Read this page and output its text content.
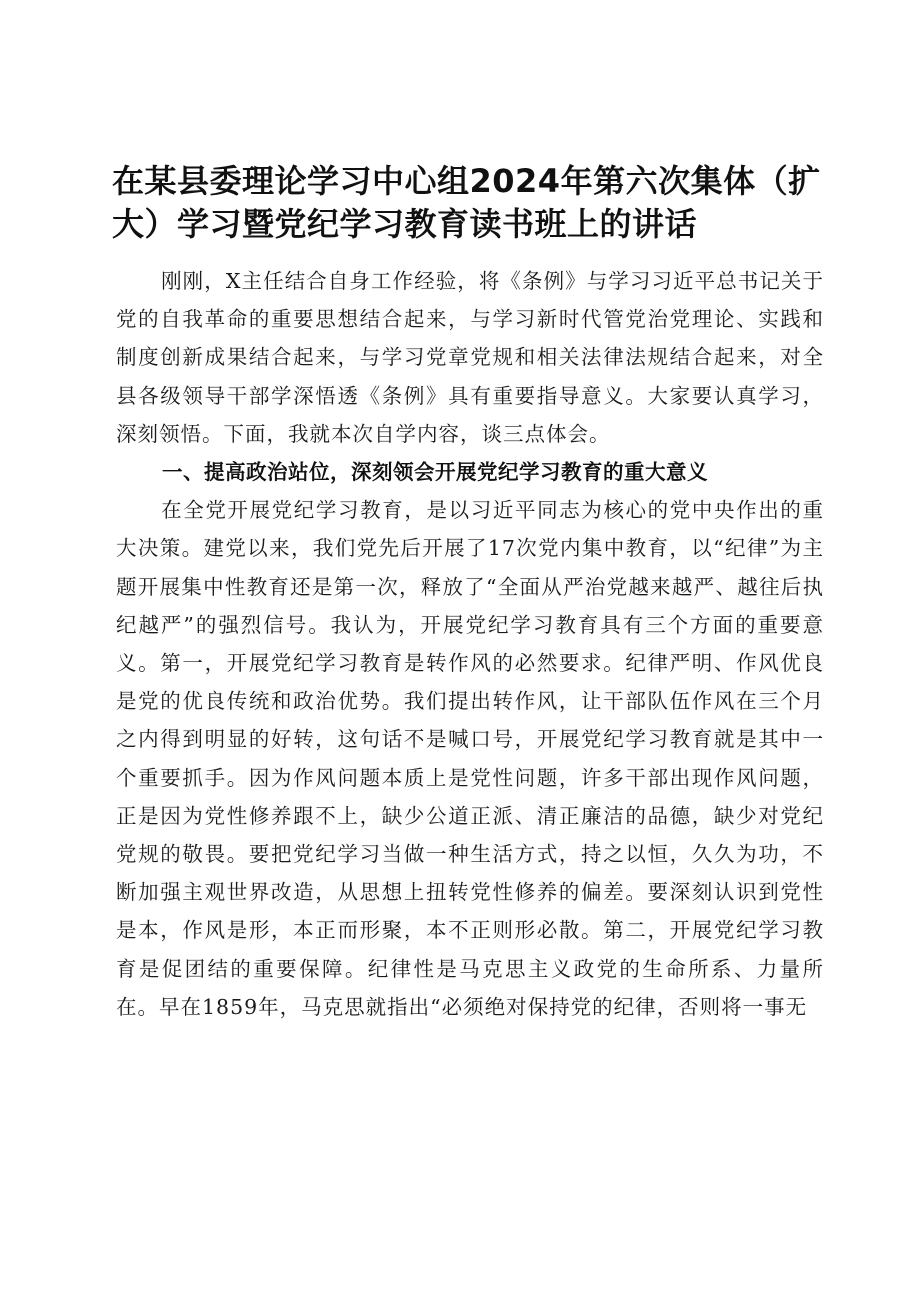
在某县委理论学习中心组2024年第六次集体（扩大）学习暨党纪学习教育读书班上的讲话

刚刚，X主任结合自身工作经验，将《条例》与学习习近平总书记关于党的自我革命的重要思想结合起来，与学习新时代管党治党理论、实践和制度创新成果结合起来，与学习党章党规和相关法律法规结合起来，对全县各级领导干部学深悟透《条例》具有重要指导意义。大家要认真学习，深刻领悟。下面，我就本次自学内容，谈三点体会。

一、提高政治站位，深刻领会开展党纪学习教育的重大意义

在全党开展党纪学习教育，是以习近平同志为核心的党中央作出的重大决策。建党以来，我们党先后开展了17次党内集中教育，以“纪律”为主题开展集中性教育还是第一次，释放了“全面从严治党越来越严、越往后执纪越严”的强烈信号。我认为，开展党纪学习教育具有三个方面的重要意义。第一，开展党纪学习教育是转作风的必然要求。纪律严明、作风优良是党的优良传统和政治优势。我们提出转作风，让干部队伍作风在三个月之内得到明显的好转，这句话不是喊口号，开展党纪学习教育就是其中一个重要抓手。因为作风问题本质上是党性问题，许多干部出现作风问题，正是因为党性修养跟不上，缺少公道正派、清正廉洁的品德，缺少对党纪党规的敬畏。要把党纪学习当做一种生活方式，持之以恒，久久为功，不断加强主观世界改造，从思想上扭转党性修养的偏差。要深刻认识到党性是本，作风是形，本正而形聚，本不正则形必散。第二，开展党纪学习教育是促团结的重要保障。纪律性是马克思主义政党的生命所系、力量所在。早在1859年，马克思就指出“必须绝对保持党的纪律，否则将一事无
